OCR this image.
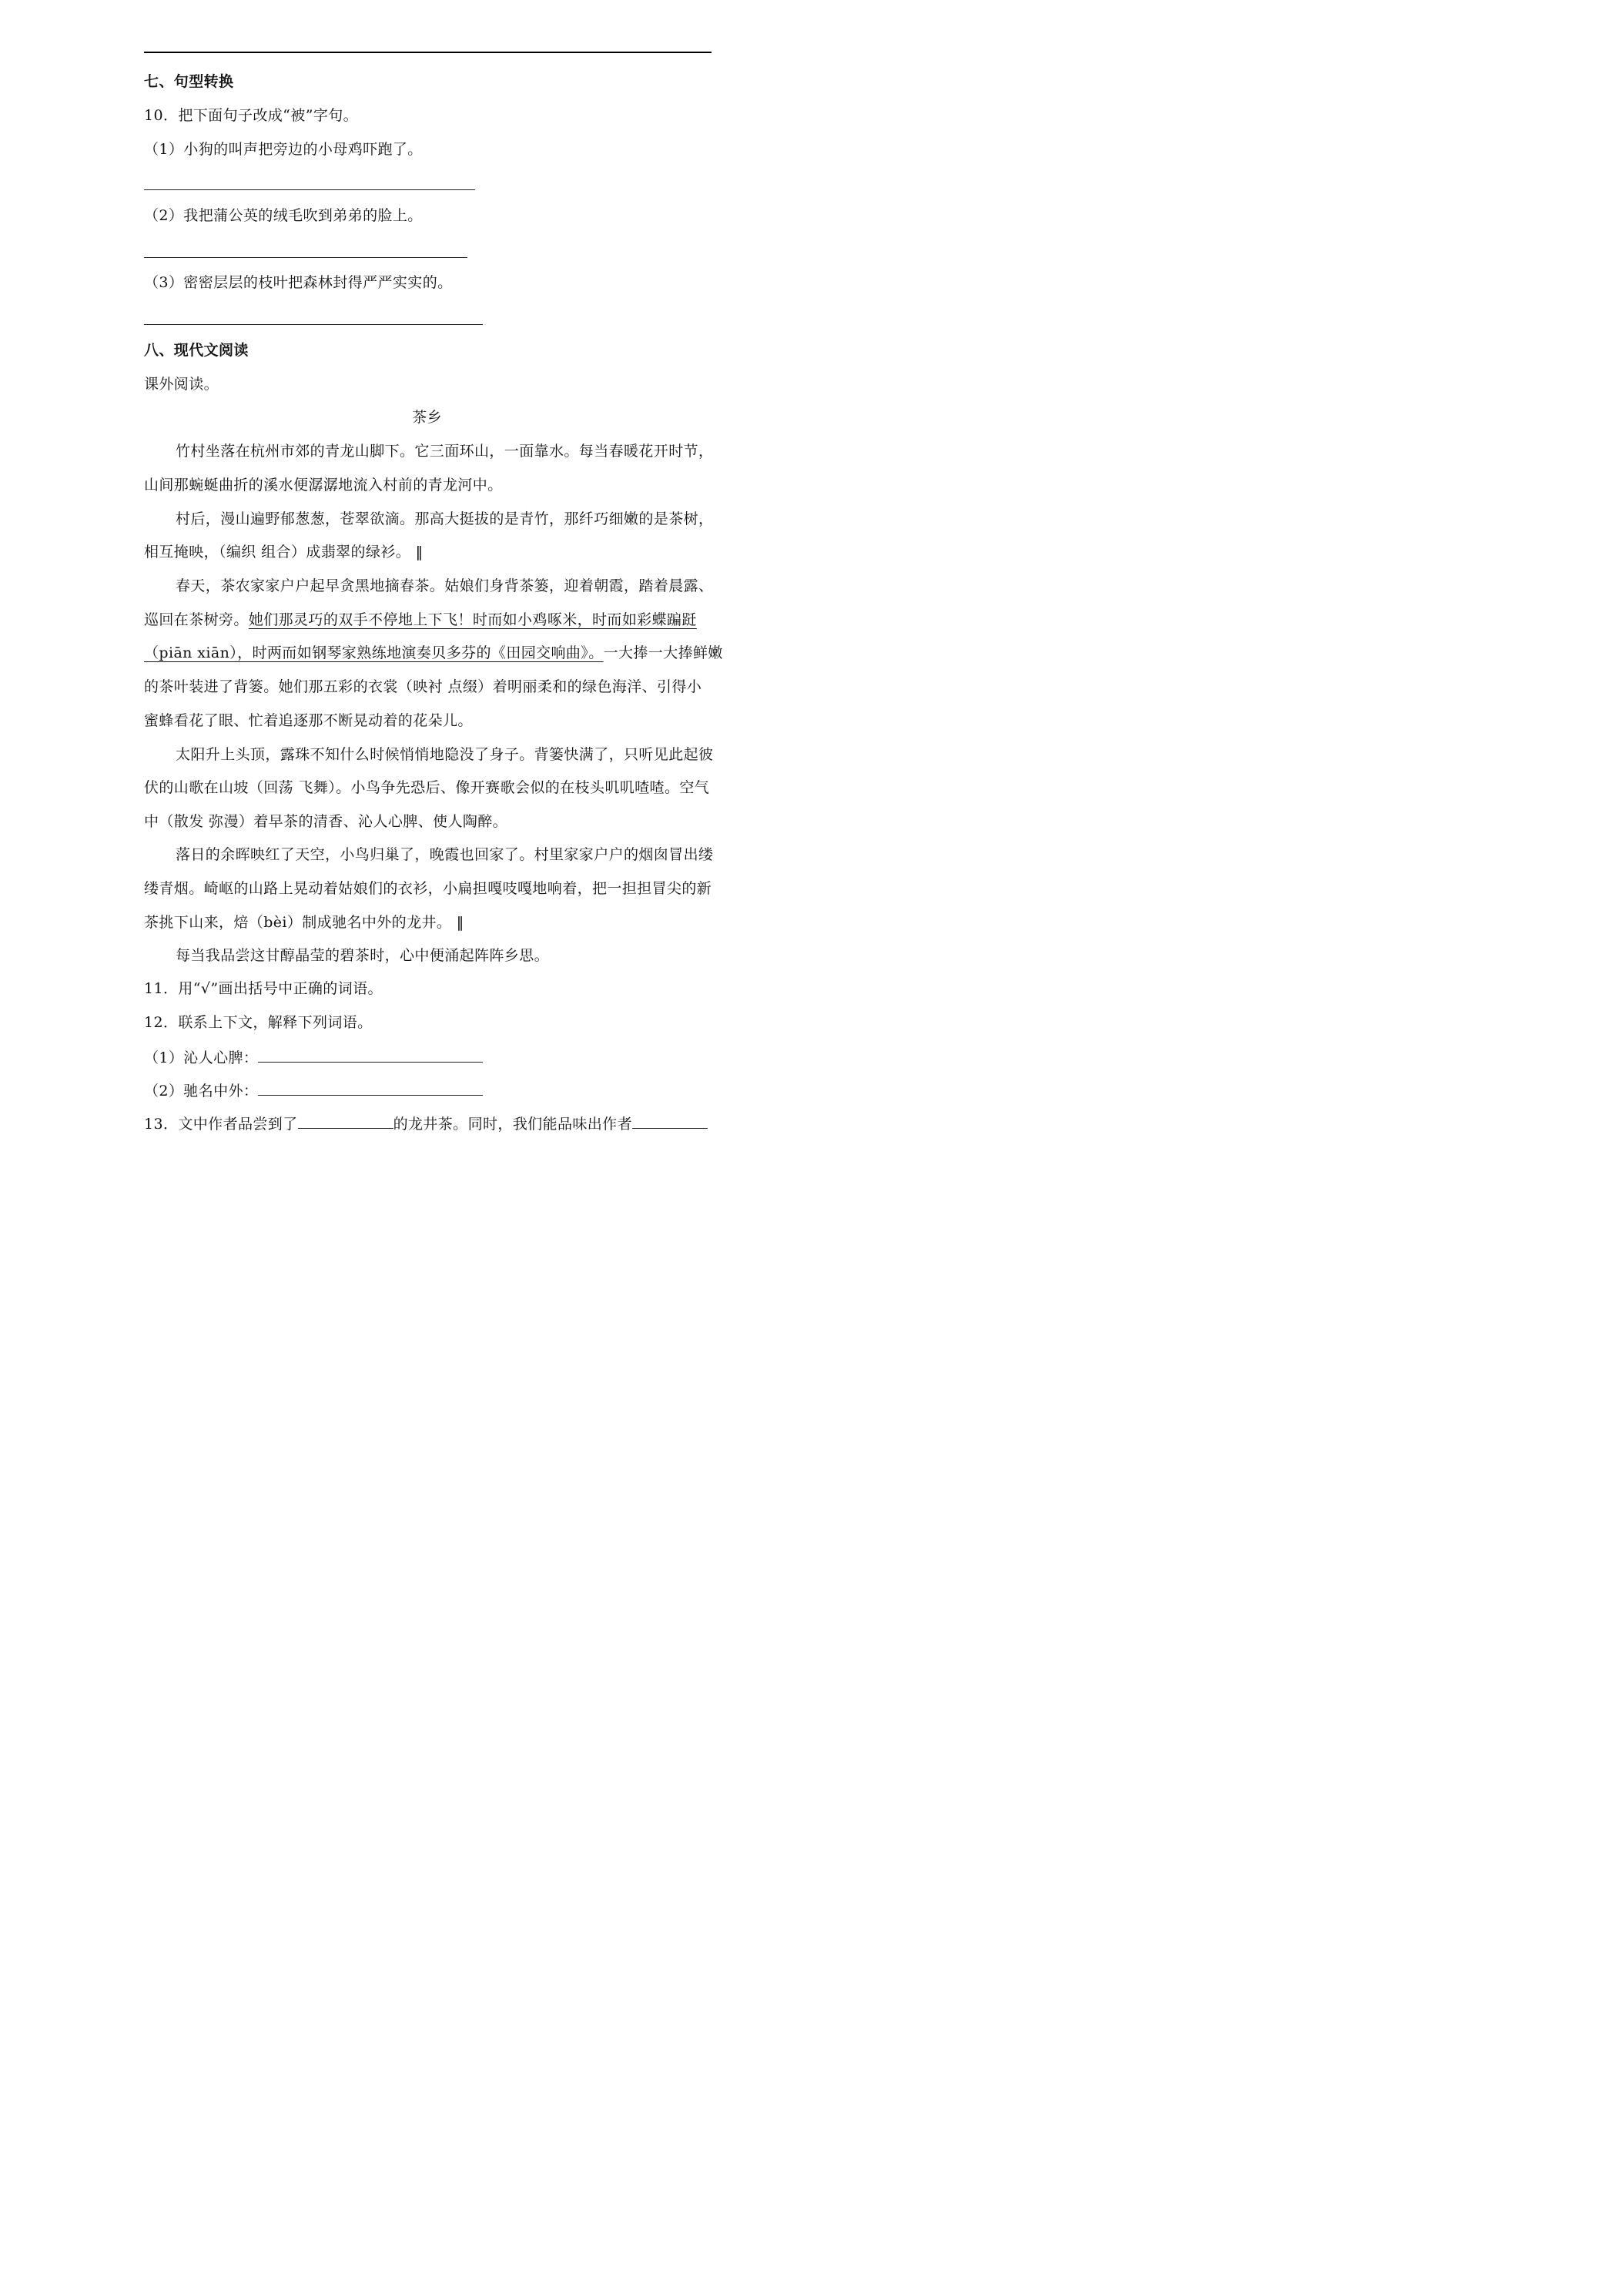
七、句型转换
10．把下面句子改成“被”字句。
（1）小狗的叫声把旁边的小母鸡吓跑了。
（2）我把蒲公英的绒毛吹到弟弟的脸上。
（3）密密层层的枝叶把森林封得严严实实的。
八、现代文阅读
课外阅读。
茶乡
竹村坐落在杭州市郊的青龙山脚下。它三面环山，一面靠水。每当春暖花开时节，
山间那蜿蜒曲折的溪水便潺潺地流入村前的青龙河中。
村后，漫山遍野郁葱葱，苍翠欲滴。那高大挺拔的是青竹，那纤巧细嫩的是茶树，
相互掩映，（编织 组合）成翡翠的绿衫。 ‖
春天，茶农家家户户起早贪黑地摘春茶。姑娘们身背茶篓，迎着朝霞，踏着晨露、
巡回在茶树旁。她们那灵巧的双手不停地上下飞！时而如小鸡啄米，时而如彩蝶蹁跹
（piān xiān），时两而如钢琴家熟练地演奏贝多芬的《田园交响曲》。一大捧一大捧鲜嫩
的茶叶装进了背篓。她们那五彩的衣裳（映衬 点缀）着明丽柔和的绿色海洋、引得小
蜜蜂看花了眼、忙着追逐那不断晃动着的花朵儿。
太阳升上头顶，露珠不知什么时候悄悄地隐没了身子。背篓快满了，只听见此起彼
伏的山歌在山坡（回荡 飞舞）。小鸟争先恐后、像开赛歌会似的在枝头叽叽喳喳。空气
中（散发 弥漫）着早茶的清香、沁人心脾、使人陶醉。
落日的余晖映红了天空，小鸟归巢了，晚霞也回家了。村里家家户户的烟囱冒出缕
缕青烟。崎岖的山路上晃动着姑娘们的衣衫，小扁担嘎吱嘎地响着，把一担担冒尖的新
茶挑下山来，焙（bèi）制成驰名中外的龙井。 ‖
每当我品尝这甘醇晶莹的碧茶时，心中便涌起阵阵乡思。
11．用“√”画出括号中正确的词语。
12．联系上下文，解释下列词语。
（1）沁人心脾：
（2）驰名中外：
13．文中作者品尝到了	的龙井茶。同时，我们能品味出作者
